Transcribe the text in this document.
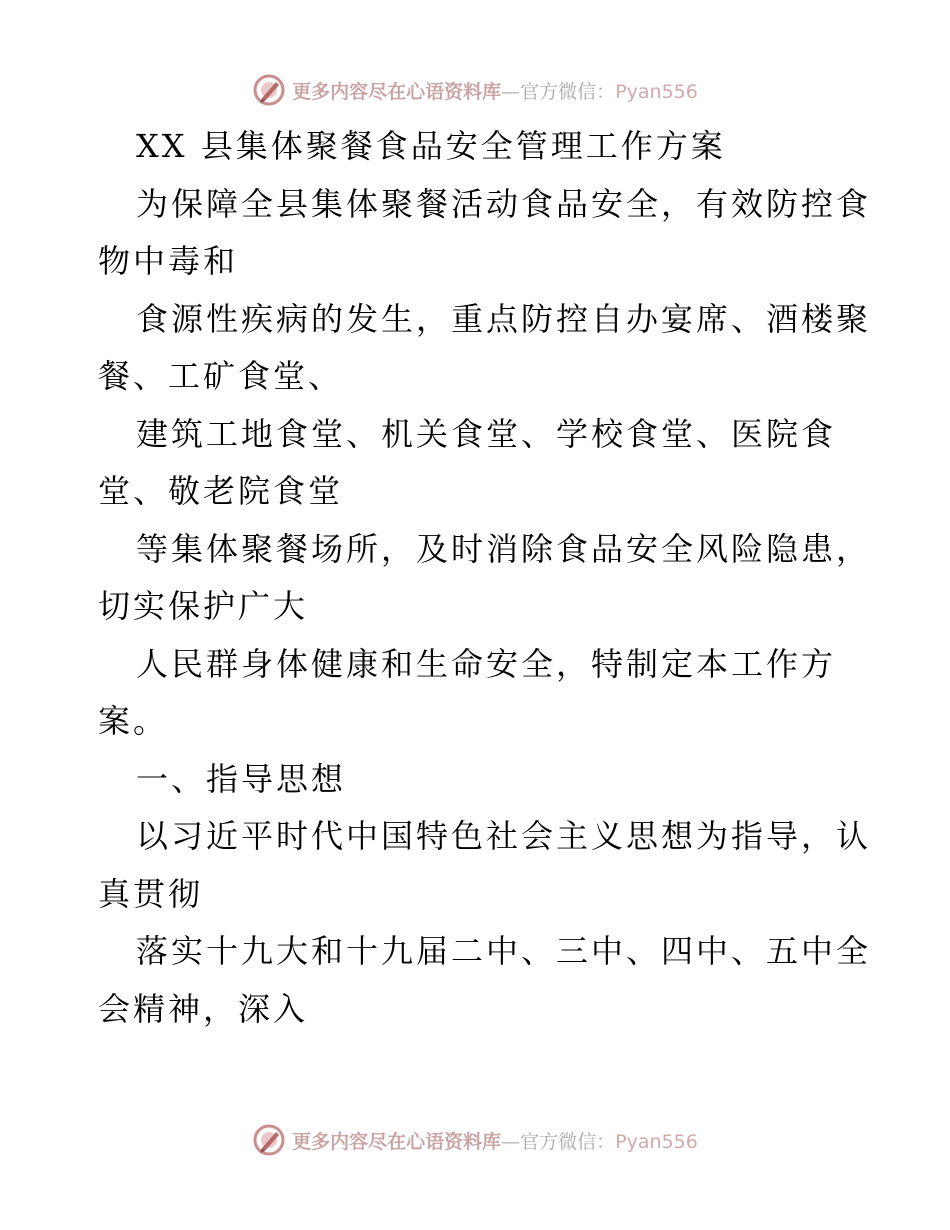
更多内容尽在心语资料库—官方微信：Pyan556
XX 县集体聚餐食品安全管理工作方案
为保障全县集体聚餐活动食品安全，有效防控食
物中毒和
食源性疾病的发生，重点防控自办宴席、酒楼聚
餐、工矿食堂、
建筑工地食堂、机关食堂、学校食堂、医院食
堂、敬老院食堂
等集体聚餐场所，及时消除食品安全风险隐患，
切实保护广大
人民群身体健康和生命安全，特制定本工作方
案。
一、指导思想
以习近平时代中国特色社会主义思想为指导，认
真贯彻
落实十九大和十九届二中、三中、四中、五中全
会精神，深入
更多内容尽在心语资料库—官方微信：Pyan556
